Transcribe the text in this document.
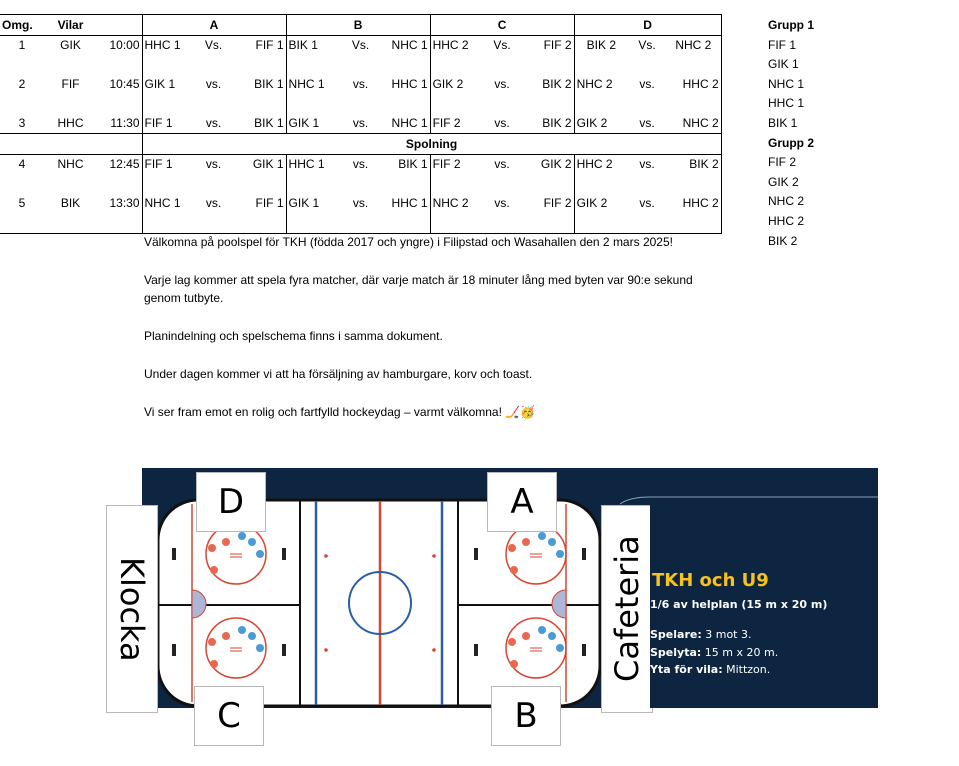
Omg.	Vilar		A			B			C			D		
1	GIK	10:00	HHC 1	Vs.	FIF 1	BIK 1	Vs.	NHC 1	HHC 2	Vs.	FIF 2	BIK 2	Vs.	NHC 2

2	FIF	10:45	GIK 1	vs.	BIK 1	NHC 1	vs.	HHC 1	GIK 2	vs.	BIK 2	NHC 2	vs.	HHC 2

3	HHC	11:30	FIF 1	vs.	BIK 1	GIK 1	vs.	NHC 1	FIF 2	vs.	BIK 2	GIK 2	vs.	NHC 2
			Spolning											
4	NHC	12:45	FIF 1	vs.	GIK 1	HHC 1	vs.	BIK 1	FIF 2	vs.	GIK 2	HHC 2	vs.	BIK 2

5	BIK	13:30	NHC 1	vs.	FIF 1	GIK 1	vs.	HHC 1	NHC 2	vs.	FIF 2	GIK 2	vs.	HHC 2

Grupp 1
FIF 1
GIK 1
NHC 1
HHC 1
BIK 1
Grupp 2
FIF 2
GIK 2
NHC 2
HHC 2
BIK 2

Välkomna på poolspel för TKH (födda 2017 och yngre) i Filipstad och Wasahallen den 2 mars 2025!

Varje lag kommer att spela fyra matcher, där varje match är 18 minuter lång med byten var 90:e sekund genom tutbyte.

Planindelning och spelschema finns i samma dokument.

Under dagen kommer vi att ha försäljning av hamburgare, korv och toast.

Vi ser fram emot en rolig och fartfylld hockeydag – varmt välkomna! 🏒🥳

D	A
C	B
Klocka	Cafeteria TKH och U9
1/6 av helplan (15 m x 20 m)
Spelare: 3 mot 3.
Spelyta: 15 m x 20 m.
Yta för vila: Mittzon.
